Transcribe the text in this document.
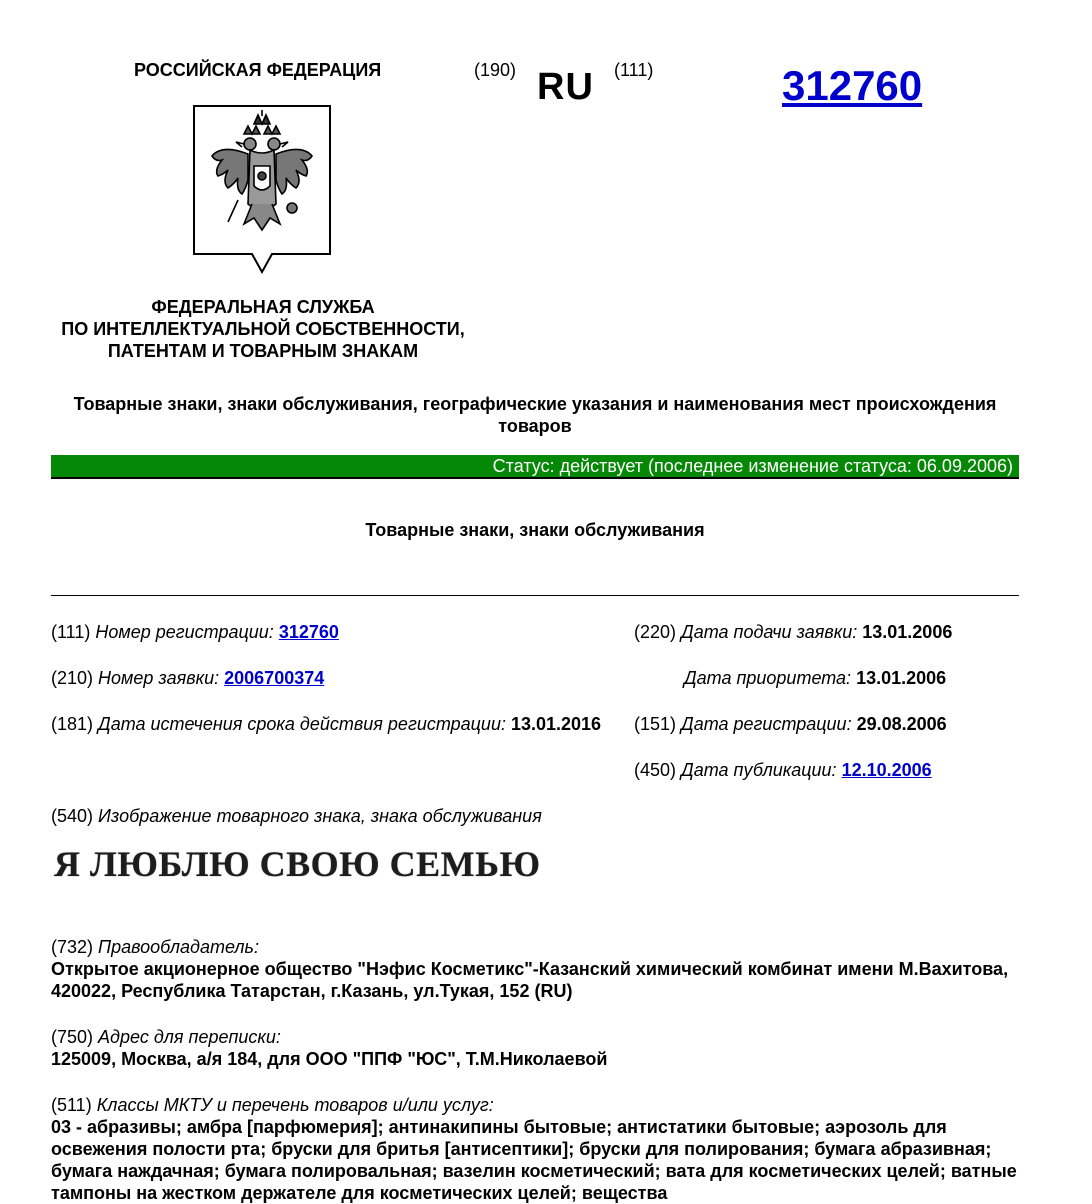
РОССИЙСКАЯ ФЕДЕРАЦИЯ	(190) RU (111)	312760
ФЕДЕРАЛЬНАЯ СЛУЖБА
ПО ИНТЕЛЛЕКТУАЛЬНОЙ СОБСТВЕННОСТИ,
ПАТЕНТАМ И ТОВАРНЫМ ЗНАКАМ
Товарные знаки, знаки обслуживания, географические указания и наименования мест происхождения товаров
Статус: действует (последнее изменение статуса: 06.09.2006)
Товарные знаки, знаки обслуживания
(111) Номер регистрации: 312760	(220) Дата подачи заявки: 13.01.2006
(210) Номер заявки: 2006700374	Дата приоритета: 13.01.2006
(181) Дата истечения срока действия регистрации: 13.01.2016 (151) Дата регистрации: 29.08.2006
(450) Дата публикации: 12.10.2006
(540) Изображение товарного знака, знака обслуживания
Я ЛЮБЛЮ СВОЮ СЕМЬЮ
(732) Правообладатель:
Открытое акционерное общество "Нэфис Косметикс"-Казанский химический комбинат имени М.Вахитова, 420022, Республика Татарстан, г.Казань, ул.Тукая, 152 (RU)
(750) Адрес для переписки:
125009, Москва, а/я 184, для ООО "ППФ "ЮС", Т.М.Николаевой
(511) Классы МКТУ и перечень товаров и/или услуг:
03 - абразивы; амбра [парфюмерия]; антинакипины бытовые; антистатики бытовые; аэрозоль для освежения полости рта; бруски для бритья [антисептики]; бруски для полирования; бумага абразивная; бумага наждачная; бумага полировальная; вазелин косметический; вата для косметических целей; ватные тампоны на жестком держателе для косметических целей; вещества
